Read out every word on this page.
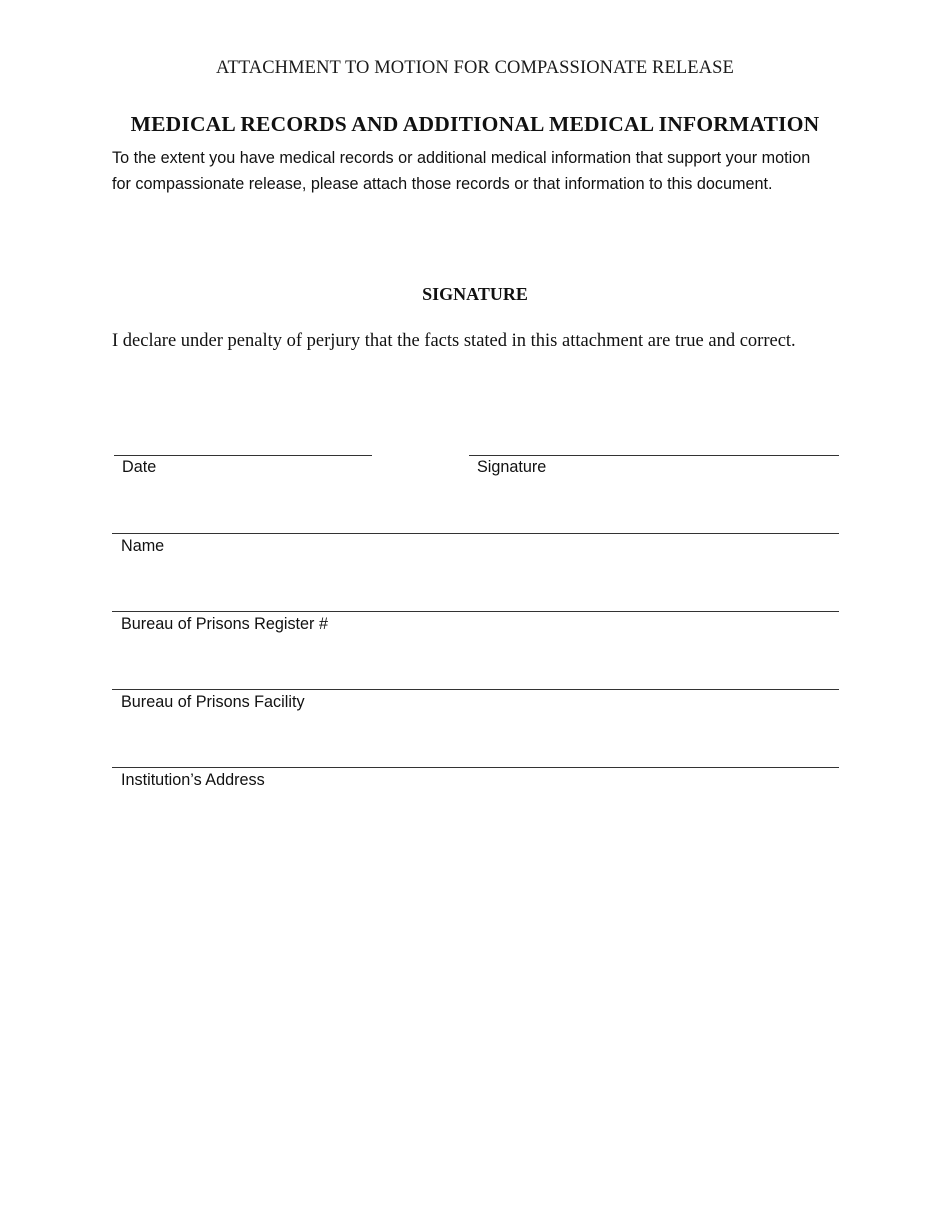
ATTACHMENT TO MOTION FOR COMPASSIONATE RELEASE
MEDICAL RECORDS AND ADDITIONAL MEDICAL INFORMATION

To the extent you have medical records or additional medical information that support your motion for compassionate release, please attach those records or that information to this document.

SIGNATURE

I declare under penalty of perjury that the facts stated in this attachment are true and correct.

Date	Signature
Name
Bureau of Prisons Register #
Bureau of Prisons Facility
Institution’s Address
